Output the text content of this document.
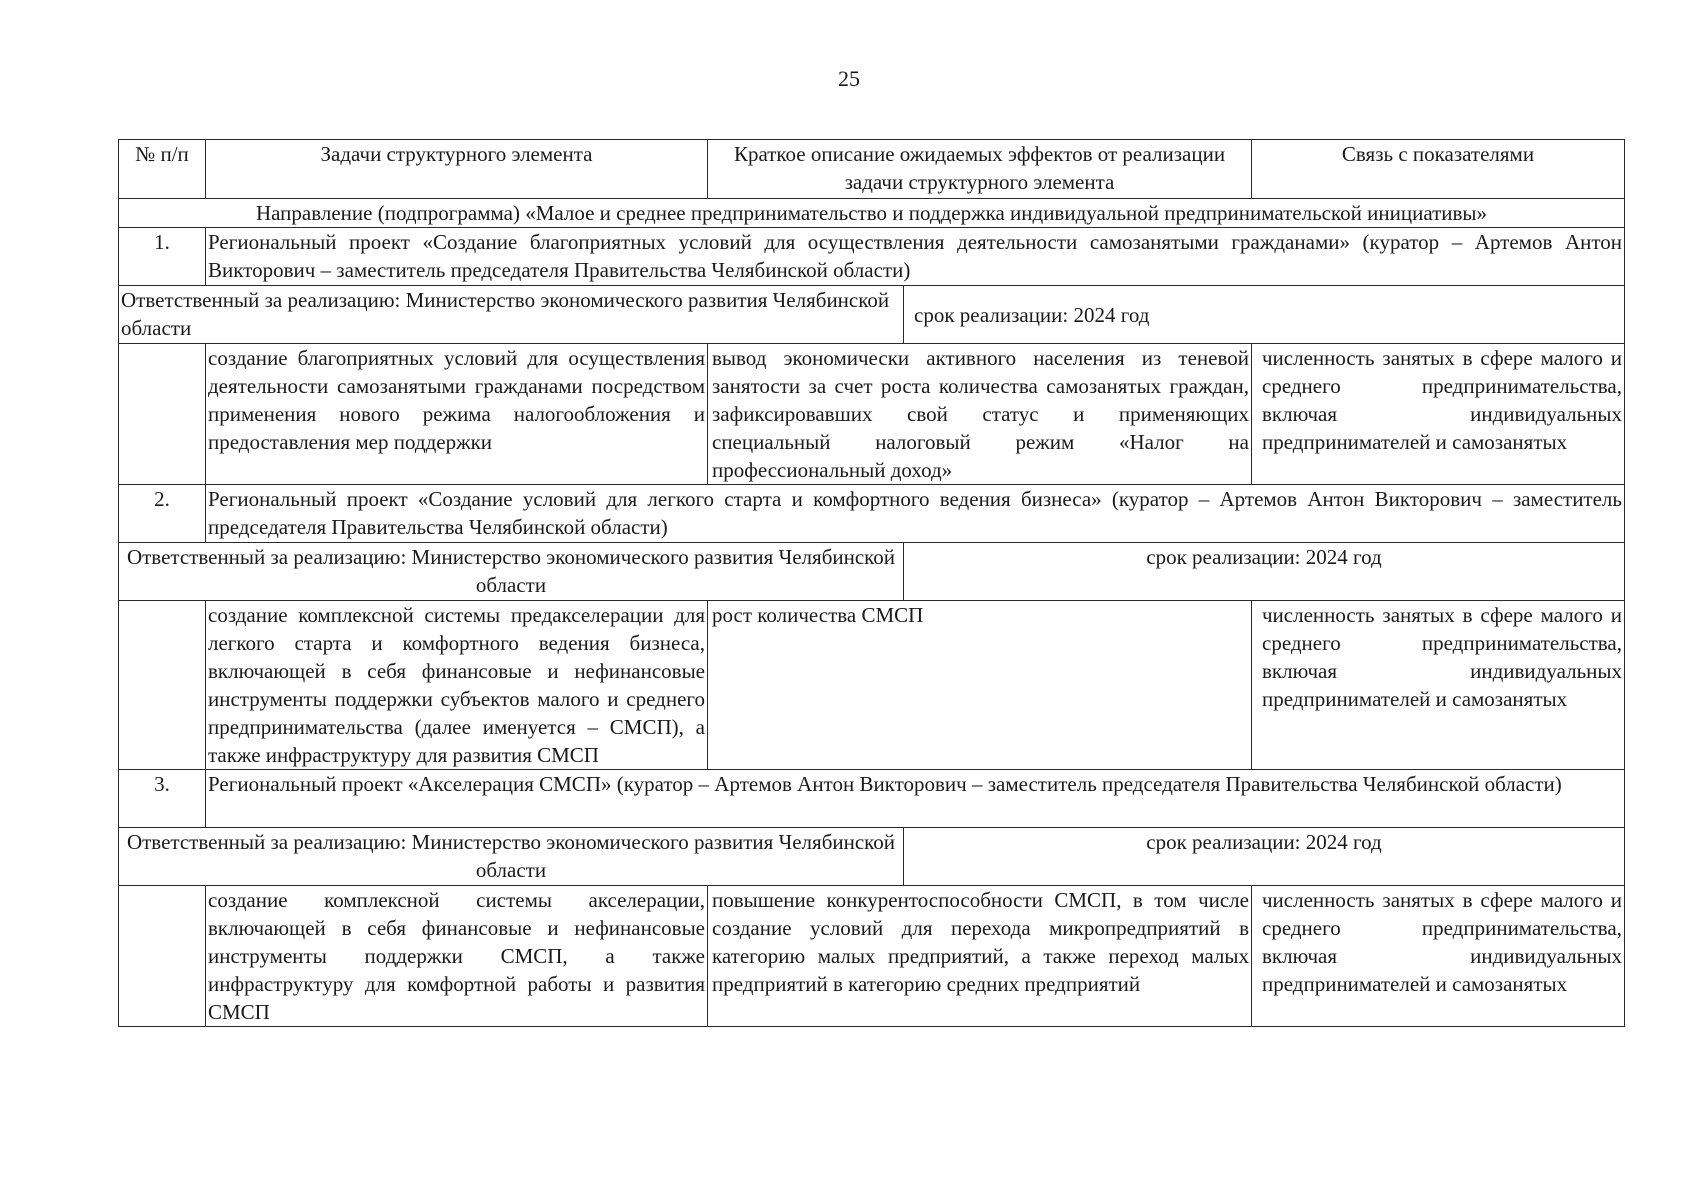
25
№ п/п	Задачи структурного элемента	Краткое описание ожидаемых эффектов от реализации задачи структурного элемента		Связь с показателями
Направление (подпрограмма) «Малое и среднее предпринимательство и поддержка индивидуальной предпринимательской инициативы»				
1.	Региональный проект «Создание благоприятных условий для осуществления деятельности самозанятыми гражданами» (куратор – Артемов Антон Викторович – заместитель председателя Правительства Челябинской области)			
Ответственный за реализацию: Министерство экономического развития Челябинской области			срок реализации: 2024 год	
	создание благоприятных условий для осуществления деятельности самозанятыми гражданами посредством применения нового режима налогообложения и предоставления мер поддержки	вывод экономически активного населения из теневой занятости за счет роста количества самозанятых граждан, зафиксировавших свой статус и применяющих специальный налоговый режим «Налог на профессиональный доход»		численность занятых в сфере малого и среднего предпринимательства, включая индивидуальных предпринимателей и самозанятых
2.	Региональный проект «Создание условий для легкого старта и комфортного ведения бизнеса» (куратор – Артемов Антон Викторович – заместитель председателя Правительства Челябинской области)			
Ответственный за реализацию: Министерство экономического развития Челябинской области			срок реализации: 2024 год	
	создание комплексной системы предакселерации для легкого старта и комфортного ведения бизнеса, включающей в себя финансовые и нефинансовые инструменты поддержки субъектов малого и среднего предпринимательства (далее именуется – СМСП), а также инфраструктуру для развития СМСП	рост количества СМСП		численность занятых в сфере малого и среднего предпринимательства, включая индивидуальных предпринимателей и самозанятых
3.	Региональный проект «Акселерация СМСП» (куратор – Артемов Антон Викторович – заместитель председателя Правительства Челябинской области)			
Ответственный за реализацию: Министерство экономического развития Челябинской области			срок реализации: 2024 год	
	создание комплексной системы акселерации, включающей в себя финансовые и нефинансовые инструменты поддержки СМСП, а также инфраструктуру для комфортной работы и развития СМСП	повышение конкурентоспособности СМСП, в том числе создание условий для перехода микропредприятий в категорию малых предприятий, а также переход малых предприятий в категорию средних предприятий		численность занятых в сфере малого и среднего предпринимательства, включая индивидуальных предпринимателей и самозанятых
